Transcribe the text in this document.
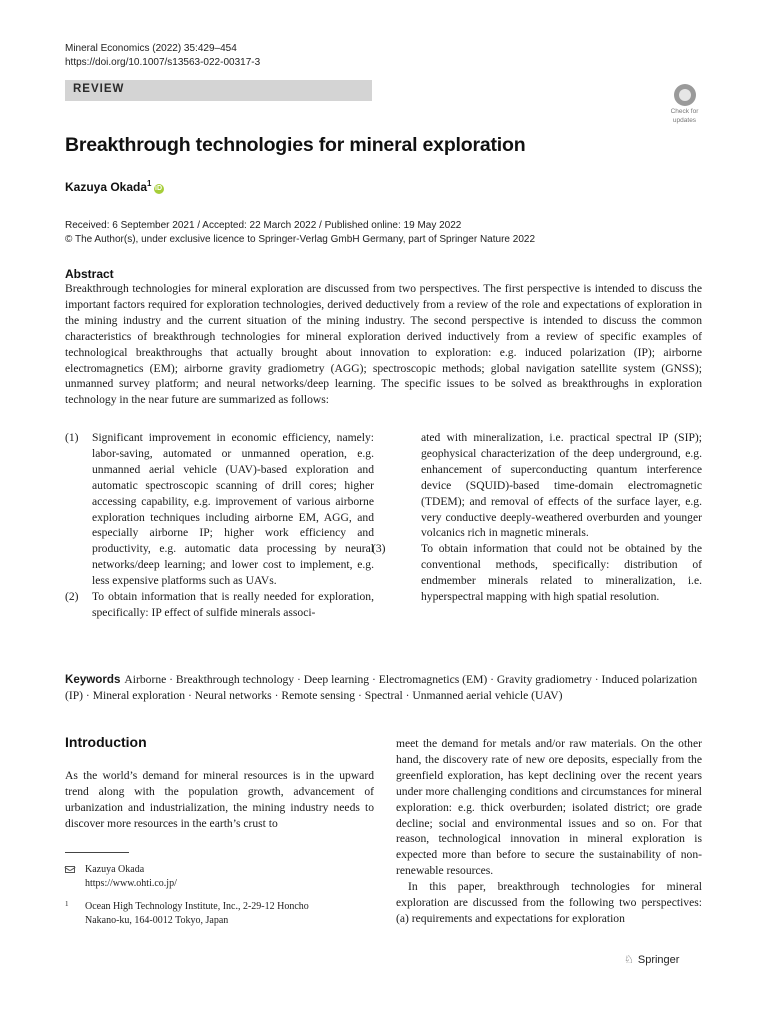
Mineral Economics (2022) 35:429–454
https://doi.org/10.1007/s13563-022-00317-3
REVIEW
Check for
updates
Breakthrough technologies for mineral exploration
Kazuya Okada$^1$iD
Received: 6 September 2021 / Accepted: 22 March 2022 / Published online: 19 May 2022
© The Author(s), under exclusive licence to Springer-Verlag GmbH Germany, part of Springer Nature 2022
Abstract
Breakthrough technologies for mineral exploration are discussed from two perspectives. The first perspective is intended to discuss the important factors required for exploration technologies, derived deductively from a review of the role and expectations of exploration in the mining industry and the current situation of the mining industry. The second perspective is intended to discuss the common characteristics of breakthrough technologies for mineral exploration derived inductively from a review of specific examples of technological breakthroughs that actually brought about innovation to exploration: e.g. induced polarization (IP); airborne electromagnetics (EM); airborne gravity gradiometry (AGG); spectroscopic methods; global navigation satellite system (GNSS); unmanned survey platform; and neural networks/deep learning. The specific issues to be solved as breakthroughs in exploration technology in the near future are summarized as follows:
(1) Significant improvement in economic efficiency, namely: labor-saving, automated or unmanned operation, e.g. unmanned aerial vehicle (UAV)-based exploration and automatic spectroscopic scanning of drill cores; higher accessing capability, e.g. improvement of various airborne exploration techniques including airborne EM, AGG, and especially airborne IP; higher work efficiency and productivity, e.g. automatic data processing by neural networks/deep learning; and lower cost to implement, e.g. less expensive platforms such as UAVs.
(2) To obtain information that is really needed for exploration, specifically: IP effect of sulfide minerals associ-
ated with mineralization, i.e. practical spectral IP (SIP); geophysical characterization of the deep underground, e.g. enhancement of superconducting quantum interference device (SQUID)-based time-domain electromagnetic (TDEM); and removal of effects of the surface layer, e.g. very conductive deeply-weathered overburden and younger volcanics rich in magnetic minerals.
(3)	To obtain information that could not be obtained by the conventional methods, specifically: distribution of endmember minerals related to mineralization, i.e. hyperspectral mapping with high spatial resolution.
Keywords Airborne · Breakthrough technology · Deep learning · Electromagnetics (EM) · Gravity gradiometry · Induced polarization (IP) · Mineral exploration · Neural networks · Remote sensing · Spectral · Unmanned aerial vehicle (UAV)
Introduction
As the world’s demand for mineral resources is in the upward trend along with the population growth, advancement of urbanization and industrialization, the mining industry needs to discover more resources in the earth’s crust to

meet the demand for metals and/or raw materials. On the other hand, the discovery rate of new ore deposits, especially from the greenfield exploration, has kept declining over the recent years under more challenging conditions and circumstances for mineral exploration: e.g. thick overburden; isolated district; ore grade decline; social and environmental issues and so on. For that reason, technological innovation in mineral exploration is expected more than before to secure the sustainability of non-renewable resources.

In this paper, breakthrough technologies for mineral exploration are discussed from the following two perspectives: (a) requirements and expectations for exploration

Kazuya Okada
https://www.ohti.co.jp/
1 Ocean High Technology Institute, Inc., 2-29-12 Honcho
Nakano-ku, 164-0012 Tokyo, Japan
♘ Springer
